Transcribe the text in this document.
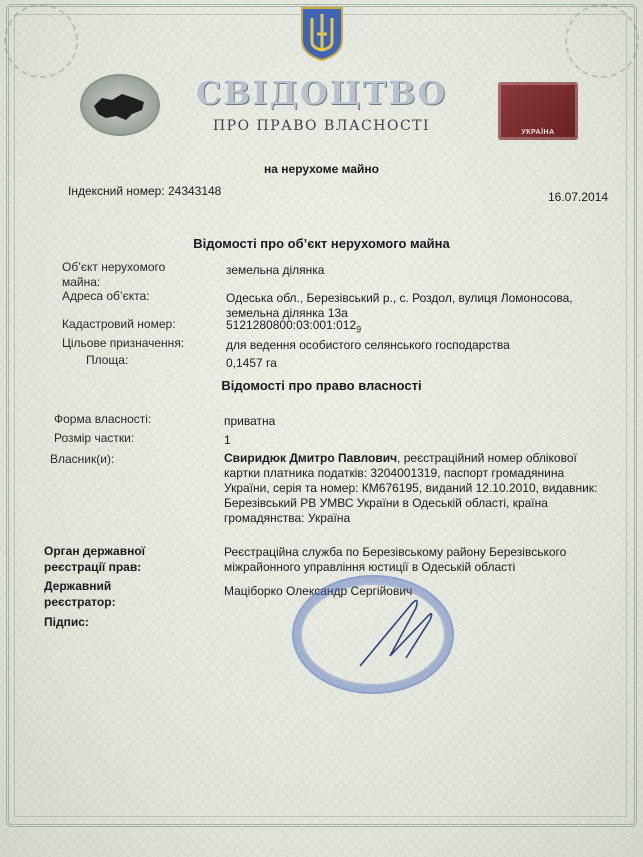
УКРАЇНА
СВІДОЦТВО
ПРО ПРАВО ВЛАСНОСТІ
на нерухоме майно
Індексний номер: 24343148	16.07.2014
Відомості про об’єкт нерухомого майна
Об’єкт нерухомого майна:
земельна ділянка
Адреса об’єкта:	Одеська обл., Березівський р., с. Роздол, вулиця Ломоносова, земельна ділянка 13а
Кадастровий номер:	$5121280800:03:001:012_9$
Цільове призначення:	для ведення особистого селянського господарства
Площа:	0,1457 га
Відомості про право власності
Форма власності:	приватна
Розмір частки:	1
Власник(и):	Свиридюк Дмитро Павлович, реєстраційний номер облікової картки платника податків: 3204001319, паспорт громадянина України, серія та номер: КМ676195, виданий 12.10.2010, видавник: Березівський РВ УМВС України в Одеській області, країна громадянства: Україна
Орган державної реєстрації прав:
Реєстраційна служба по Березівському району Березівського міжрайонного управління юстиції в Одеській області
Державний реєстратор:
Маціборко Олександр Сергійович
Підпис:
